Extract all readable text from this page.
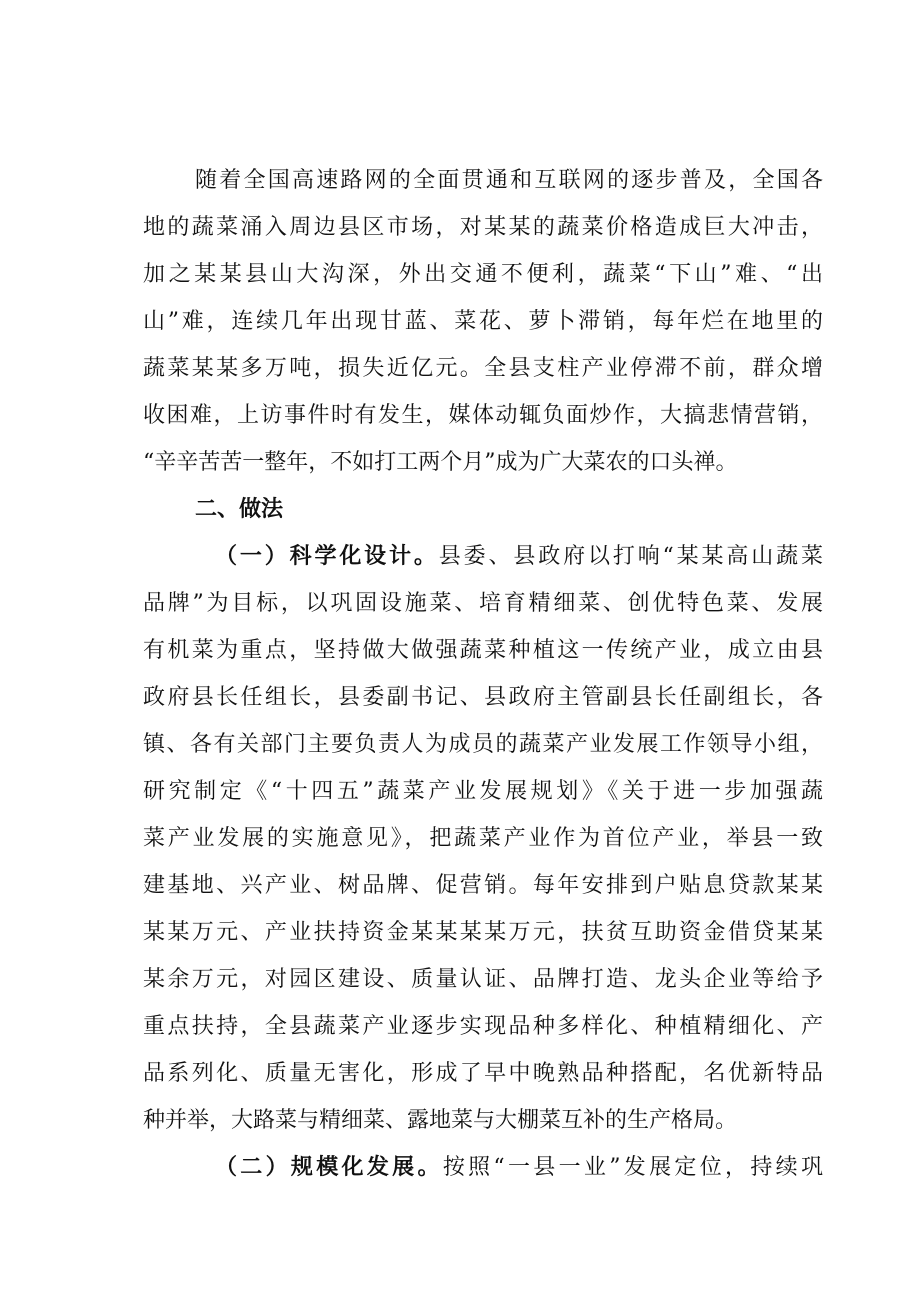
随着全国高速路网的全面贯通和互联网的逐步普及，全国各
地的蔬菜涌入周边县区市场，对某某的蔬菜价格造成巨大冲击，
加之某某县山大沟深，外出交通不便利，蔬菜“下山”难、“出
山”难，连续几年出现甘蓝、菜花、萝卜滞销，每年烂在地里的
蔬菜某某多万吨，损失近亿元。全县支柱产业停滞不前，群众增
收困难，上访事件时有发生，媒体动辄负面炒作，大搞悲情营销，
“辛辛苦苦一整年，不如打工两个月”成为广大菜农的口头禅。
二、做法
（一）科学化设计。县委、县政府以打响“某某高山蔬菜
品牌”为目标，以巩固设施菜、培育精细菜、创优特色菜、发展
有机菜为重点，坚持做大做强蔬菜种植这一传统产业，成立由县
政府县长任组长，县委副书记、县政府主管副县长任副组长，各
镇、各有关部门主要负责人为成员的蔬菜产业发展工作领导小组，
研究制定《“十四五”蔬菜产业发展规划》《关于进一步加强蔬
菜产业发展的实施意见》，把蔬菜产业作为首位产业，举县一致
建基地、兴产业、树品牌、促营销。每年安排到户贴息贷款某某
某某万元、产业扶持资金某某某某万元，扶贫互助资金借贷某某
某余万元，对园区建设、质量认证、品牌打造、龙头企业等给予
重点扶持，全县蔬菜产业逐步实现品种多样化、种植精细化、产
品系列化、质量无害化，形成了早中晚熟品种搭配，名优新特品
种并举，大路菜与精细菜、露地菜与大棚菜互补的生产格局。
（二）规模化发展。按照“一县一业”发展定位，持续巩
